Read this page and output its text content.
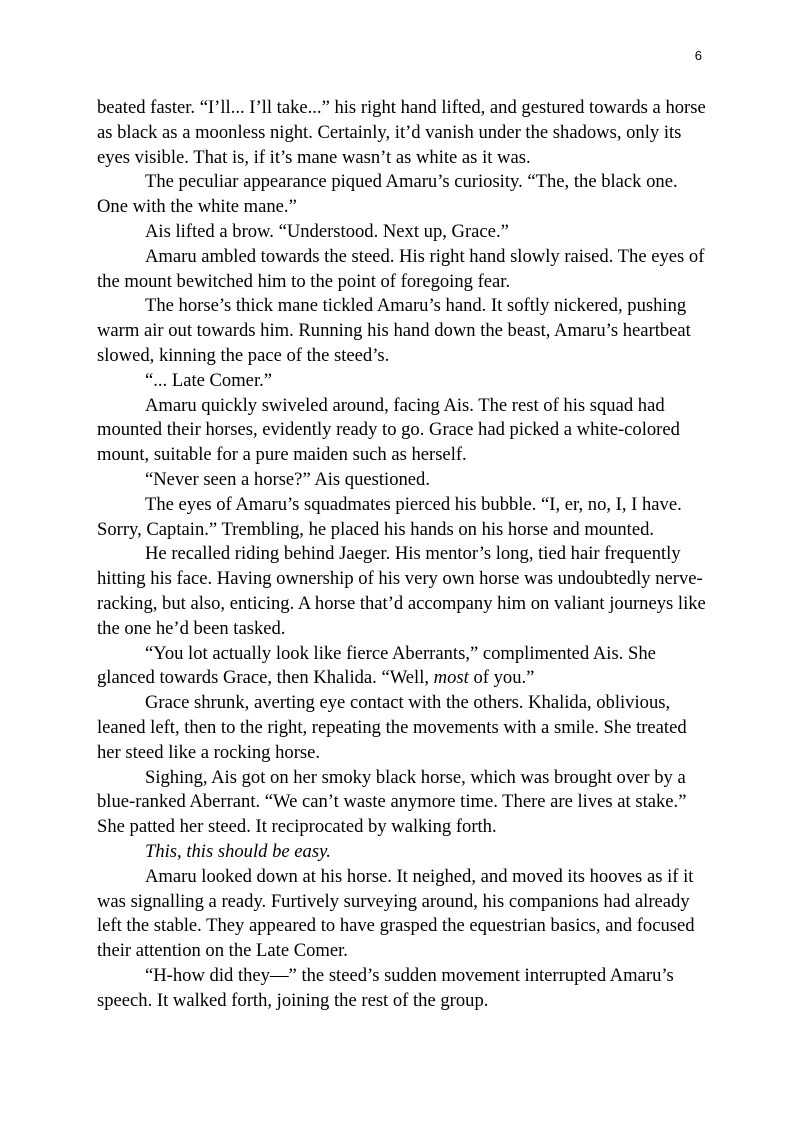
6

beated faster. “I’ll... I’ll take...” his right hand lifted, and gestured towards a horse as black as a moonless night. Certainly, it’d vanish under the shadows, only its eyes visible. That is, if it’s mane wasn’t as white as it was.

The peculiar appearance piqued Amaru’s curiosity. “The, the black one. One with the white mane.”

Ais lifted a brow. “Understood. Next up, Grace.”

Amaru ambled towards the steed. His right hand slowly raised. The eyes of the mount bewitched him to the point of foregoing fear.

The horse’s thick mane tickled Amaru’s hand. It softly nickered, pushing warm air out towards him. Running his hand down the beast, Amaru’s heartbeat slowed, kinning the pace of the steed’s.

“... Late Comer.”

Amaru quickly swiveled around, facing Ais. The rest of his squad had mounted their horses, evidently ready to go. Grace had picked a white-colored mount, suitable for a pure maiden such as herself.

“Never seen a horse?” Ais questioned.

The eyes of Amaru’s squadmates pierced his bubble. “I, er, no, I, I have. Sorry, Captain.” Trembling, he placed his hands on his horse and mounted.

He recalled riding behind Jaeger. His mentor’s long, tied hair frequently hitting his face. Having ownership of his very own horse was undoubtedly nerve-racking, but also, enticing. A horse that’d accompany him on valiant journeys like the one he’d been tasked.

“You lot actually look like fierce Aberrants,” complimented Ais. She glanced towards Grace, then Khalida. “Well, most of you.”

Grace shrunk, averting eye contact with the others. Khalida, oblivious, leaned left, then to the right, repeating the movements with a smile. She treated her steed like a rocking horse.

Sighing, Ais got on her smoky black horse, which was brought over by a blue-ranked Aberrant. “We can’t waste anymore time. There are lives at stake.” She patted her steed. It reciprocated by walking forth.

This, this should be easy.

Amaru looked down at his horse. It neighed, and moved its hooves as if it was signalling a ready. Furtively surveying around, his companions had already left the stable. They appeared to have grasped the equestrian basics, and focused their attention on the Late Comer.

“H-how did they—” the steed’s sudden movement interrupted Amaru’s speech. It walked forth, joining the rest of the group.
